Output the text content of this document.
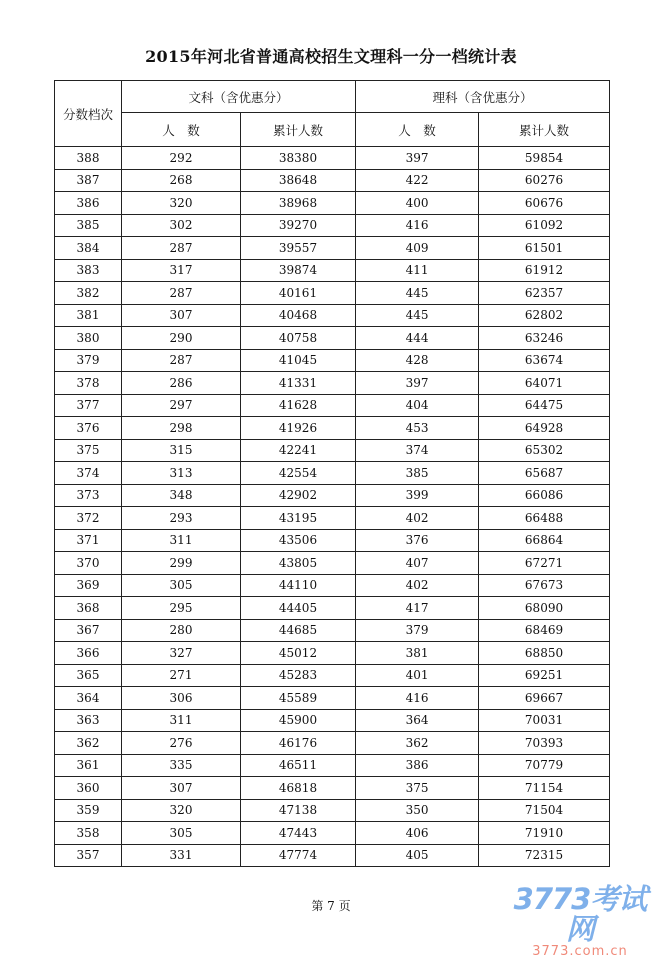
2015年河北省普通高校招生文理科一分一档统计表
分数档次	文科（含优惠分）		理科（含优惠分）	
	人　数	累计人数	人　数	累计人数
388	292	38380	397	59854
387	268	38648	422	60276
386	320	38968	400	60676
385	302	39270	416	61092
384	287	39557	409	61501
383	317	39874	411	61912
382	287	40161	445	62357
381	307	40468	445	62802
380	290	40758	444	63246
379	287	41045	428	63674
378	286	41331	397	64071
377	297	41628	404	64475
376	298	41926	453	64928
375	315	42241	374	65302
374	313	42554	385	65687
373	348	42902	399	66086
372	293	43195	402	66488
371	311	43506	376	66864
370	299	43805	407	67271
369	305	44110	402	67673
368	295	44405	417	68090
367	280	44685	379	68469
366	327	45012	381	68850
365	271	45283	401	69251
364	306	45589	416	69667
363	311	45900	364	70031
362	276	46176	362	70393
361	335	46511	386	70779
360	307	46818	375	71154
359	320	47138	350	71504
358	305	47443	406	71910
357	331	47774	405	72315
第 7 页	3773考试网
3773.com.cn
